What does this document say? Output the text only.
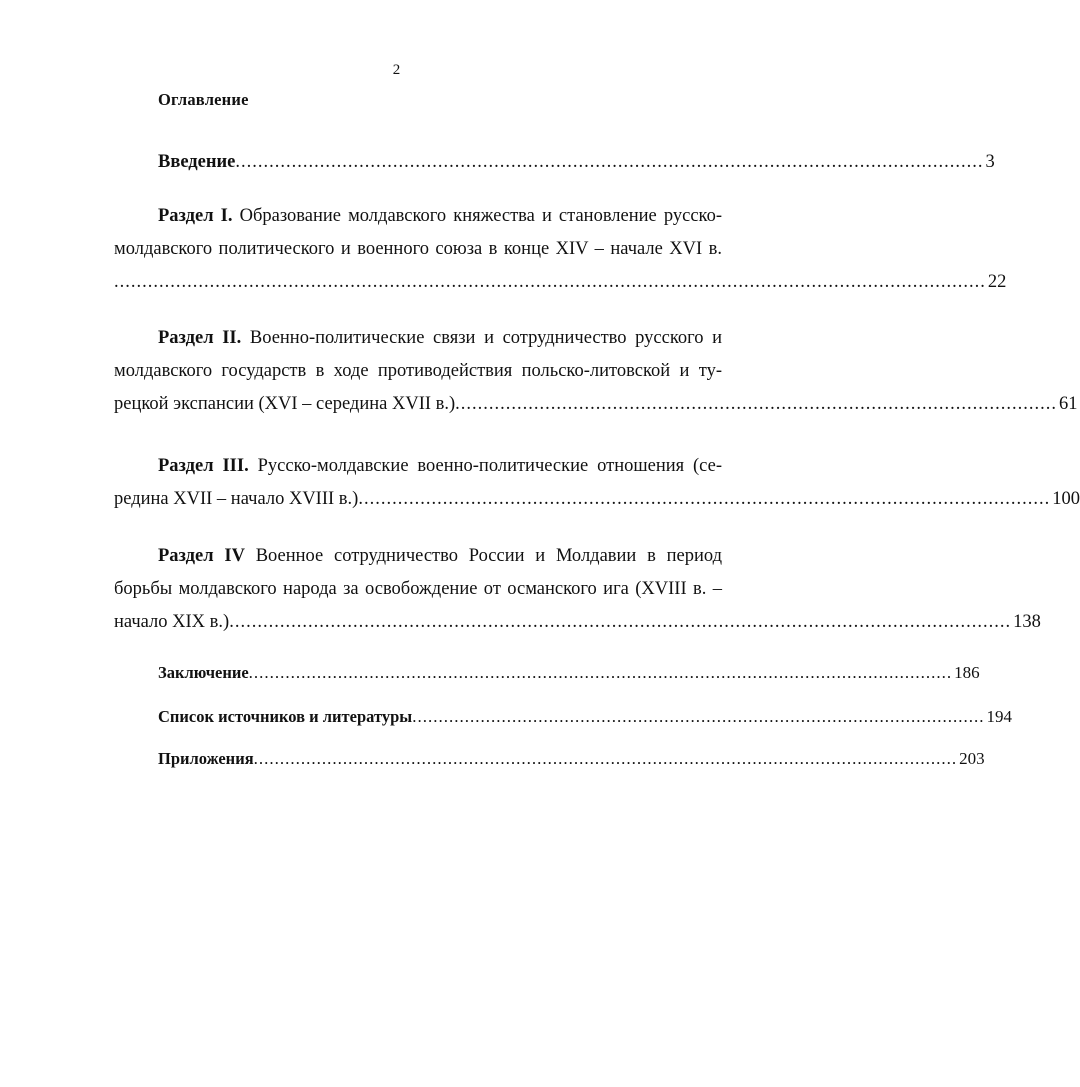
2
Оглавление
Введение ..................................................................................................................................... 3
Раздел I. Образование молдавского княжества и становление русско-
молдавского политического и военного союза в конце XIV – начале XVI в.
........................................................................................................................................................... 22
Раздел II. Военно-политические связи и сотрудничество русского и
молдавского государств в ходе противодействия польско-литовской и ту-
рецкой экспансии (XVI – середина XVII в.) ........................................................................................................... 61
Раздел III. Русско-молдавские военно-политические отношения (се-
редина XVII – начало XVIII в.) ........................................................................................................................... 100
Раздел IV Военное сотрудничество России и Молдавии в период
борьбы молдавского народа за освобождение от османского ига (XVIII в. –
начало XIX в.) ........................................................................................................................................... 138
Заключение ...................................................................................................................................... 186
Список источников и литературы ............................................................................................................. 194
Приложения ...................................................................................................................................... 203
